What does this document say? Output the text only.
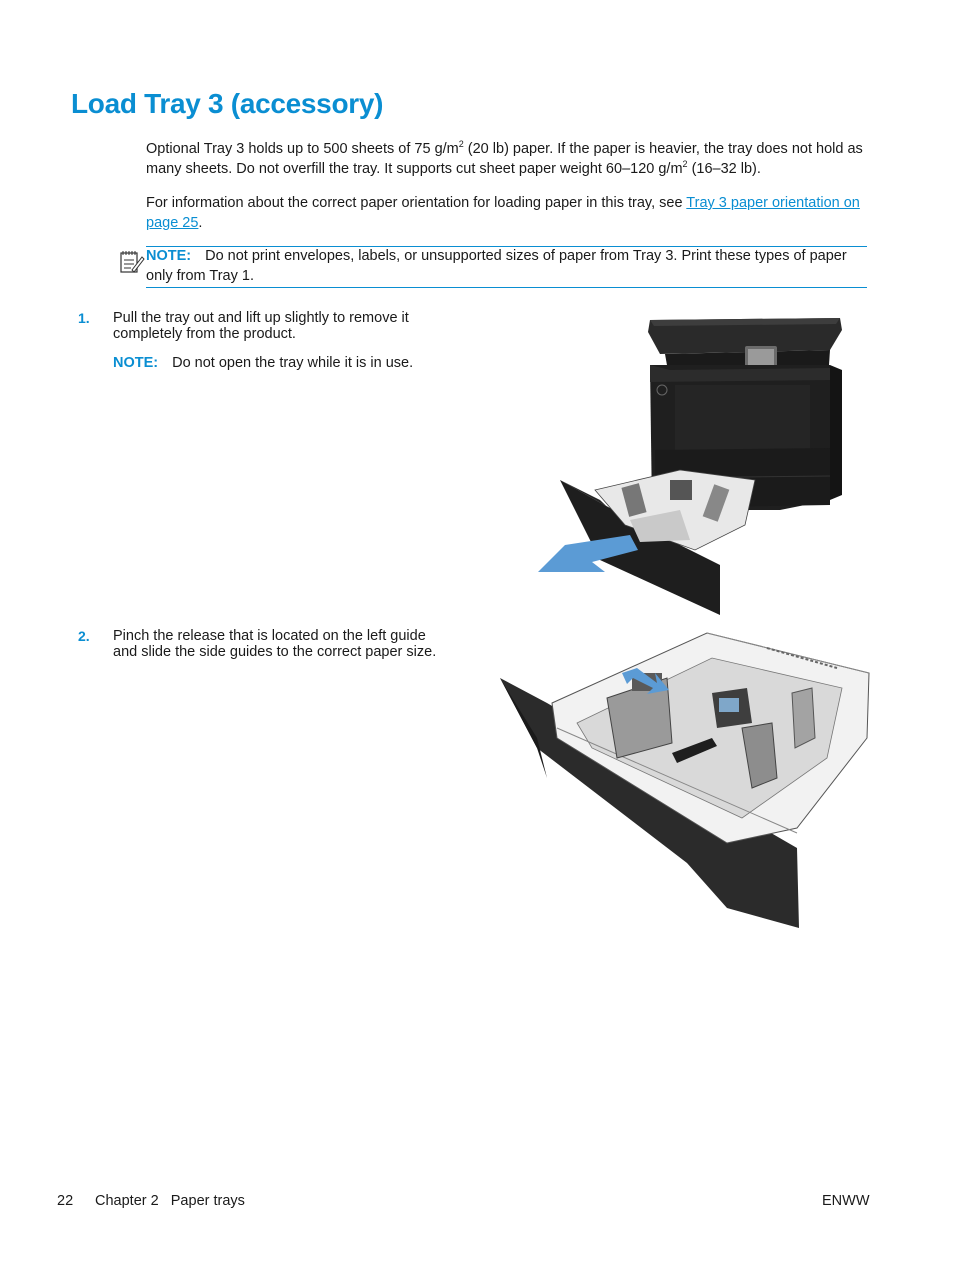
Load Tray 3 (accessory)

Optional Tray 3 holds up to 500 sheets of 75 $g/m^2$ (20 lb) paper. If the paper is heavier, the tray does not hold as many sheets. Do not overfill the tray. It supports cut sheet paper weight 60–120 $g/m^2$ (16–32 lb).

For information about the correct paper orientation for loading paper in this tray, see Tray 3 paper orientation on page 25.

NOTE: Do not print envelopes, labels, or unsupported sizes of paper from Tray 3. Print these types of paper only from Tray 1.
1. Pull the tray out and lift up slightly to remove it completely from the product.
NOTE: Do not open the tray while it is in use.
2. Pinch the release that is located on the left guide and slide the side guides to the correct paper size.
22 Chapter 2   Paper trays	ENWW
